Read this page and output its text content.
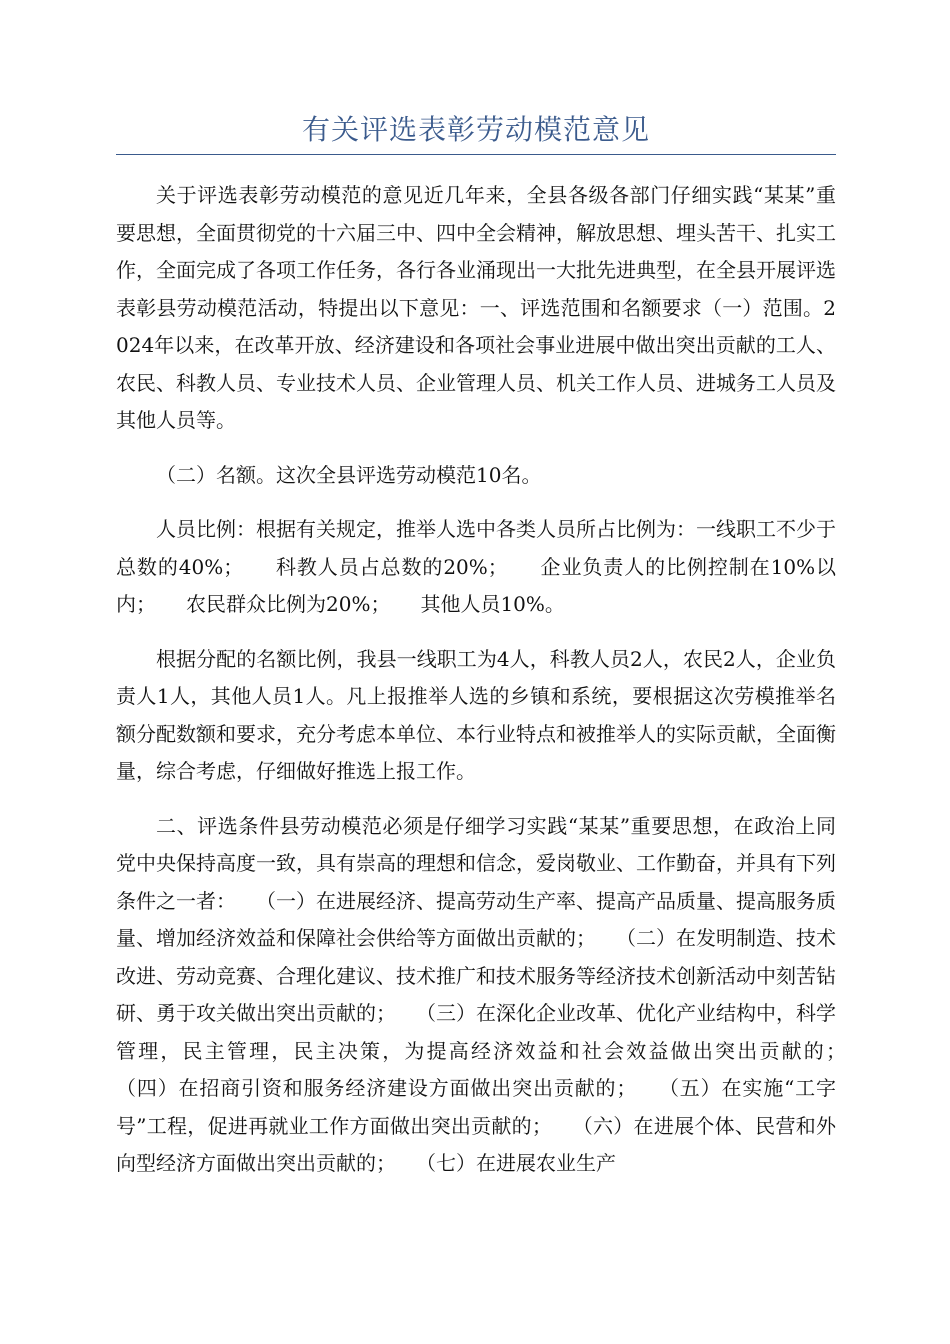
有关评选表彰劳动模范意见

关于评选表彰劳动模范的意见近几年来，全县各级各部门仔细实践“某某”重要思想，全面贯彻党的十六届三中、四中全会精神，解放思想、埋头苦干、扎实工作，全面完成了各项工作任务，各行各业涌现出一大批先进典型，在全县开展评选表彰县劳动模范活动，特提出以下意见：一、评选范围和名额要求（一）范围。2024年以来，在改革开放、经济建设和各项社会事业进展中做出突出贡献的工人、农民、科教人员、专业技术人员、企业管理人员、机关工作人员、进城务工人员及其他人员等。

（二）名额。这次全县评选劳动模范10名。

人员比例：根据有关规定，推举人选中各类人员所占比例为：一线职工不少于总数的40%；　　科教人员占总数的20%；　　企业负责人的比例控制在10%以内；　　农民群众比例为20%；　　其他人员10%。

根据分配的名额比例，我县一线职工为4人，科教人员2人，农民2人，企业负责人1人，其他人员1人。凡上报推举人选的乡镇和系统，要根据这次劳模推举名额分配数额和要求，充分考虑本单位、本行业特点和被推举人的实际贡献，全面衡量，综合考虑，仔细做好推选上报工作。

二、评选条件县劳动模范必须是仔细学习实践“某某”重要思想，在政治上同党中央保持高度一致，具有崇高的理想和信念，爱岗敬业、工作勤奋，并具有下列条件之一者：　　（一）在进展经济、提高劳动生产率、提高产品质量、提高服务质量、增加经济效益和保障社会供给等方面做出贡献的；　　（二）在发明制造、技术改进、劳动竞赛、合理化建议、技术推广和技术服务等经济技术创新活动中刻苦钻研、勇于攻关做出突出贡献的；　　（三）在深化企业改革、优化产业结构中，科学管理，民主管理，民主决策，为提高经济效益和社会效益做出突出贡献的；　　（四）在招商引资和服务经济建设方面做出突出贡献的；　　（五）在实施“工字号”工程，促进再就业工作方面做出突出贡献的；　　（六）在进展个体、民营和外向型经济方面做出突出贡献的；　　（七）在进展农业生产
